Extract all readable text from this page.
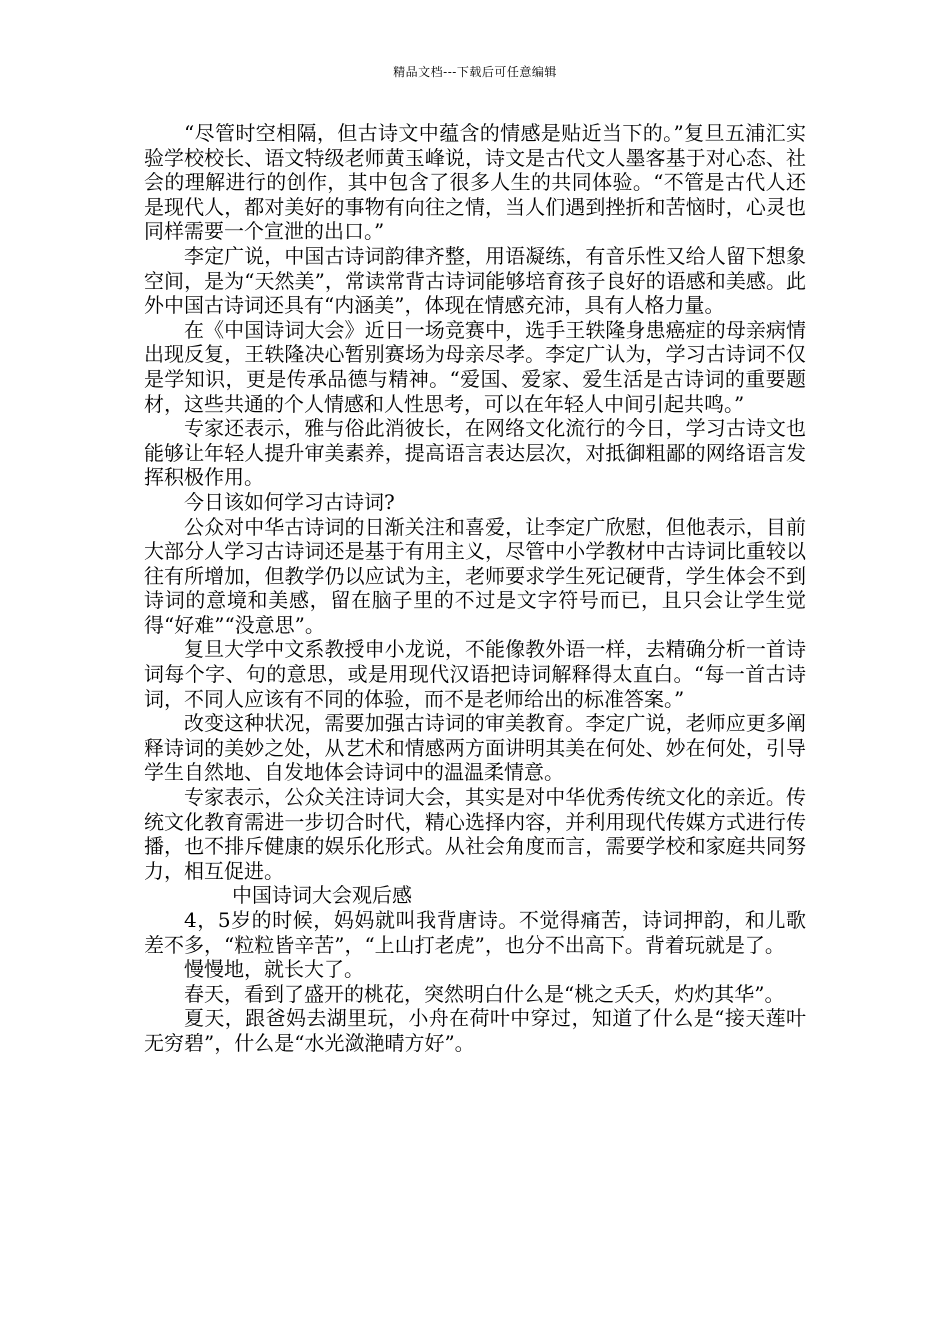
精品文档---下载后可任意编辑

“尽管时空相隔，但古诗文中蕴含的情感是贴近当下的。”复旦五浦汇实验学校校长、语文特级老师黄玉峰说，诗文是古代文人墨客基于对心态、社会的理解进行的创作，其中包含了很多人生的共同体验。“不管是古代人还是现代人，都对美好的事物有向往之情，当人们遇到挫折和苦恼时，心灵也同样需要一个宣泄的出口。”

李定广说，中国古诗词韵律齐整，用语凝练，有音乐性又给人留下想象空间，是为“天然美”，常读常背古诗词能够培育孩子良好的语感和美感。此外中国古诗词还具有“内涵美”，体现在情感充沛，具有人格力量。

在《中国诗词大会》近日一场竞赛中，选手王轶隆身患癌症的母亲病情出现反复，王轶隆决心暂别赛场为母亲尽孝。李定广认为，学习古诗词不仅是学知识，更是传承品德与精神。“爱国、爱家、爱生活是古诗词的重要题材，这些共通的个人情感和人性思考，可以在年轻人中间引起共鸣。”

专家还表示，雅与俗此消彼长，在网络文化流行的今日，学习古诗文也能够让年轻人提升审美素养，提高语言表达层次，对抵御粗鄙的网络语言发挥积极作用。

今日该如何学习古诗词?

公众对中华古诗词的日渐关注和喜爱，让李定广欣慰，但他表示，目前大部分人学习古诗词还是基于有用主义，尽管中小学教材中古诗词比重较以往有所增加，但教学仍以应试为主，老师要求学生死记硬背，学生体会不到诗词的意境和美感，留在脑子里的不过是文字符号而已，且只会让学生觉得“好难”“没意思”。

复旦大学中文系教授申小龙说，不能像教外语一样，去精确分析一首诗词每个字、句的意思，或是用现代汉语把诗词解释得太直白。“每一首古诗词，不同人应该有不同的体验，而不是老师给出的标准答案。”

改变这种状况，需要加强古诗词的审美教育。李定广说，老师应更多阐释诗词的美妙之处，从艺术和情感两方面讲明其美在何处、妙在何处，引导学生自然地、自发地体会诗词中的温温柔情意。

专家表示，公众关注诗词大会，其实是对中华优秀传统文化的亲近。传统文化教育需进一步切合时代，精心选择内容，并利用现代传媒方式进行传播，也不排斥健康的娱乐化形式。从社会角度而言，需要学校和家庭共同努力，相互促进。

中国诗词大会观后感

4，5岁的时候，妈妈就叫我背唐诗。不觉得痛苦，诗词押韵，和儿歌差不多，“粒粒皆辛苦”，“上山打老虎”，也分不出高下。背着玩就是了。

慢慢地，就长大了。

春天，看到了盛开的桃花，突然明白什么是“桃之夭夭，灼灼其华”。

夏天，跟爸妈去湖里玩，小舟在荷叶中穿过，知道了什么是“接天莲叶无穷碧”，什么是“水光潋滟晴方好”。
